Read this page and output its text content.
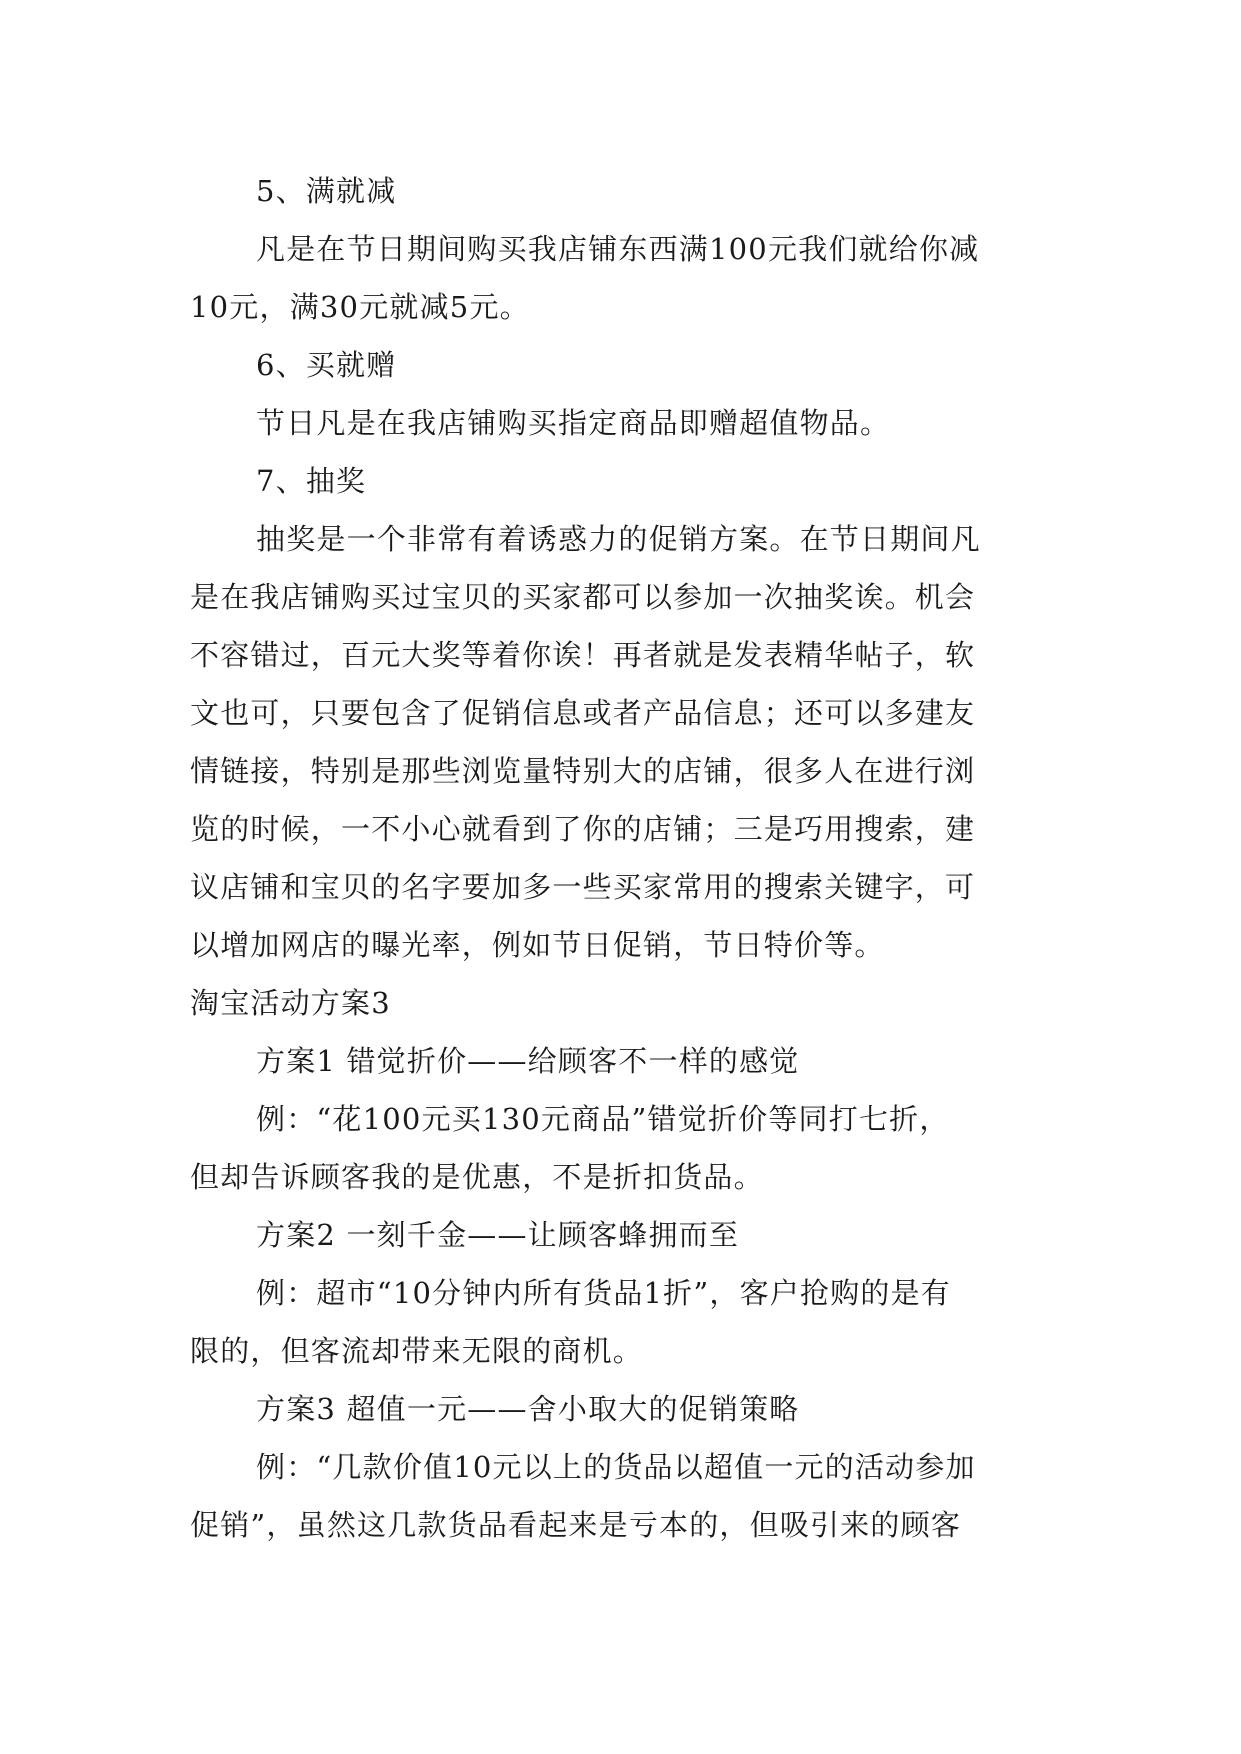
5、满就减
凡是在节日期间购买我店铺东西满100元我们就给你减
10元，满30元就减5元。
6、买就赠
节日凡是在我店铺购买指定商品即赠超值物品。
7、抽奖
抽奖是一个非常有着诱惑力的促销方案。在节日期间凡
是在我店铺购买过宝贝的买家都可以参加一次抽奖诶。机会
不容错过，百元大奖等着你诶！再者就是发表精华帖子，软
文也可，只要包含了促销信息或者产品信息；还可以多建友
情链接，特别是那些浏览量特别大的店铺，很多人在进行浏
览的时候，一不小心就看到了你的店铺；三是巧用搜索，建
议店铺和宝贝的名字要加多一些买家常用的搜索关键字，可
以增加网店的曝光率，例如节日促销，节日特价等。
淘宝活动方案3
方案1 错觉折价——给顾客不一样的感觉
例：“花100元买130元商品”错觉折价等同打七折，
但却告诉顾客我的是优惠，不是折扣货品。
方案2 一刻千金——让顾客蜂拥而至
例：超市“10分钟内所有货品1折”，客户抢购的是有
限的，但客流却带来无限的商机。
方案3 超值一元——舍小取大的促销策略
例：“几款价值10元以上的货品以超值一元的活动参加
促销”，虽然这几款货品看起来是亏本的，但吸引来的顾客
